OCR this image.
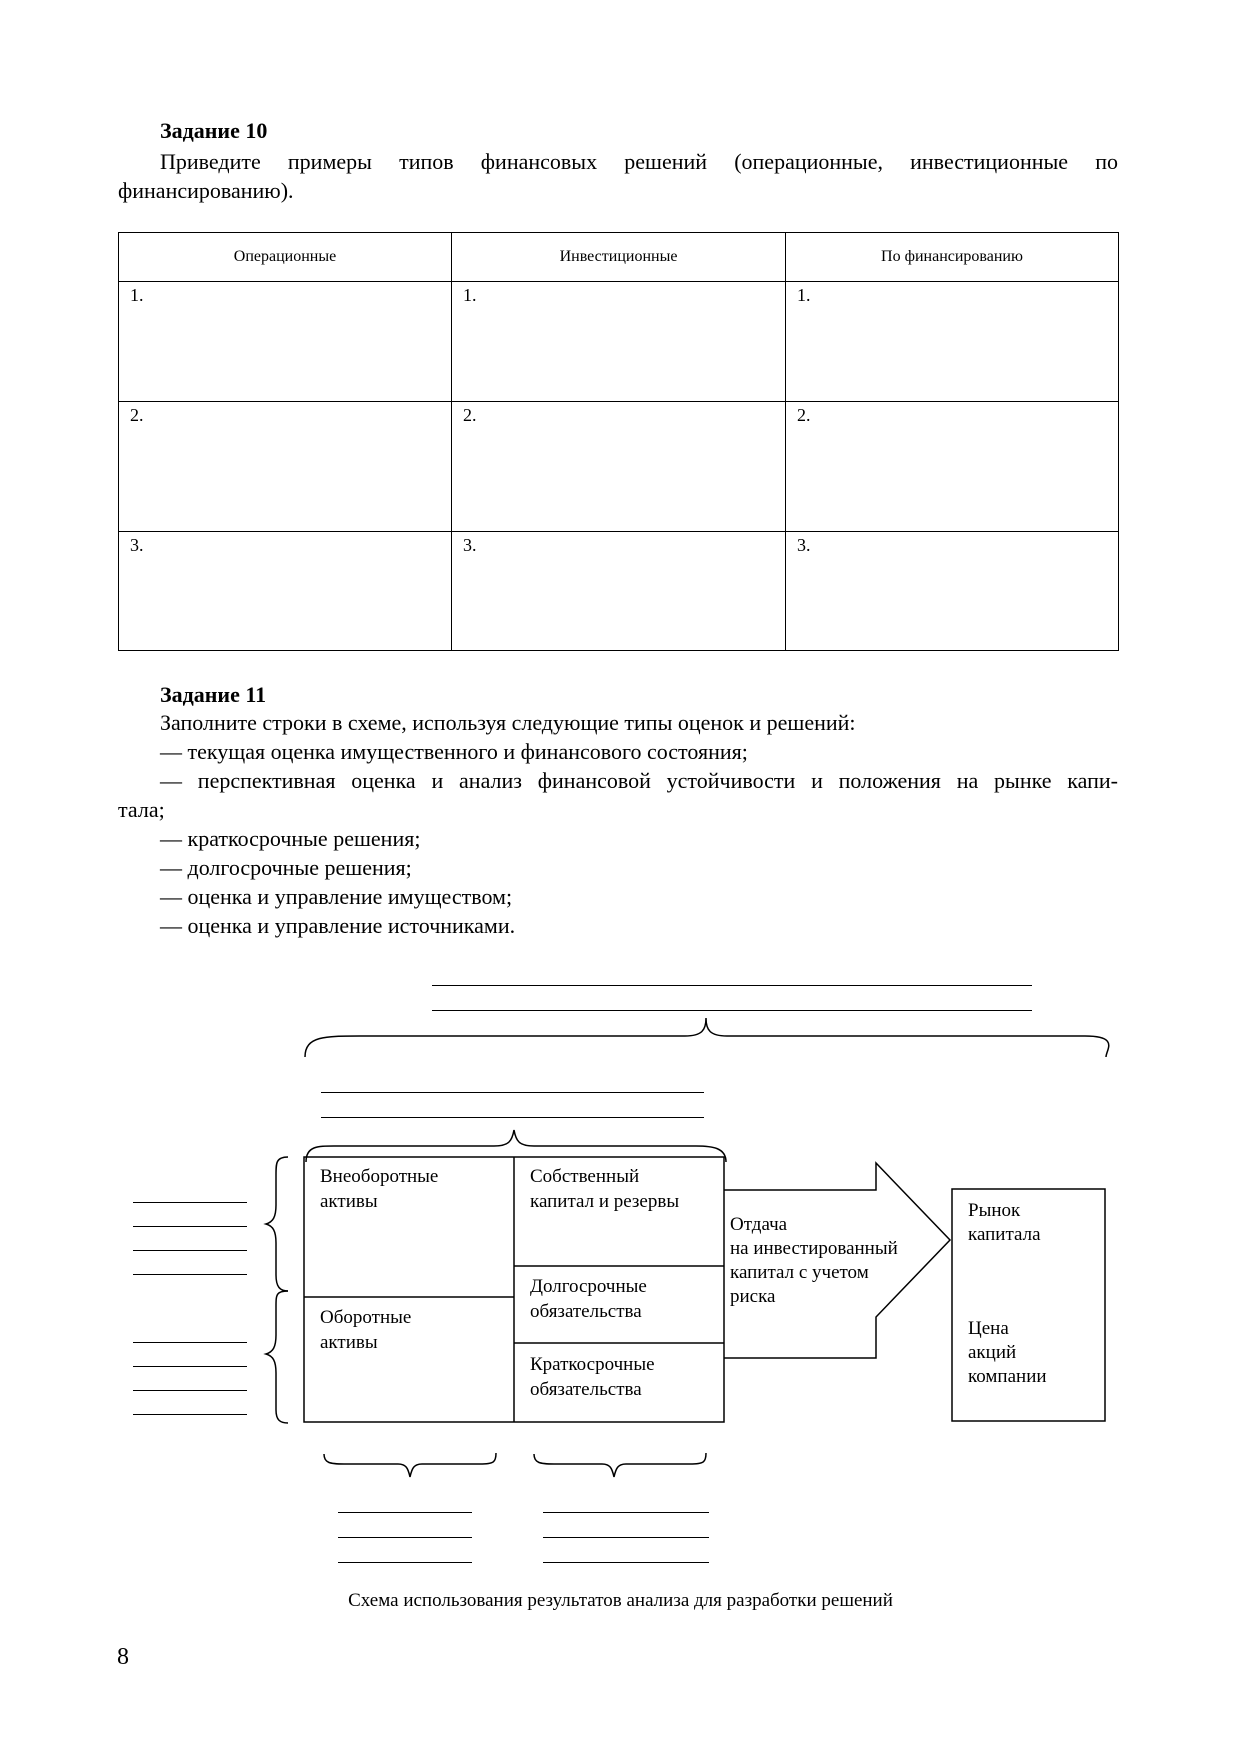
Задание 10
Приведите примеры типов финансовых решений (операционные, инвестиционные по
финансированию).
Операционные	Инвестиционные	По финансированию
1.	1.	1.
2.	2.	2.
3.	3.	3.
Задание 11
Заполните строки в схеме, используя следующие типы оценок и решений:
— текущая оценка имущественного и финансового состояния;
— перспективная оценка и анализ финансовой устойчивости и положения на рынке капи-
тала;
— краткосрочные решения;
— долгосрочные решения;
— оценка и управление имуществом;
— оценка и управление источниками.
Внеоборотные
активы
Оборотные
активы
Собственный
капитал и резервы
Долгосрочные
обязательства
Краткосрочные
обязательства
Отдача
на инвестированный
капитал с учетом
риска
Рынок
капитала
Цена
акций
компании
Схема использования результатов анализа для разработки решений
8
